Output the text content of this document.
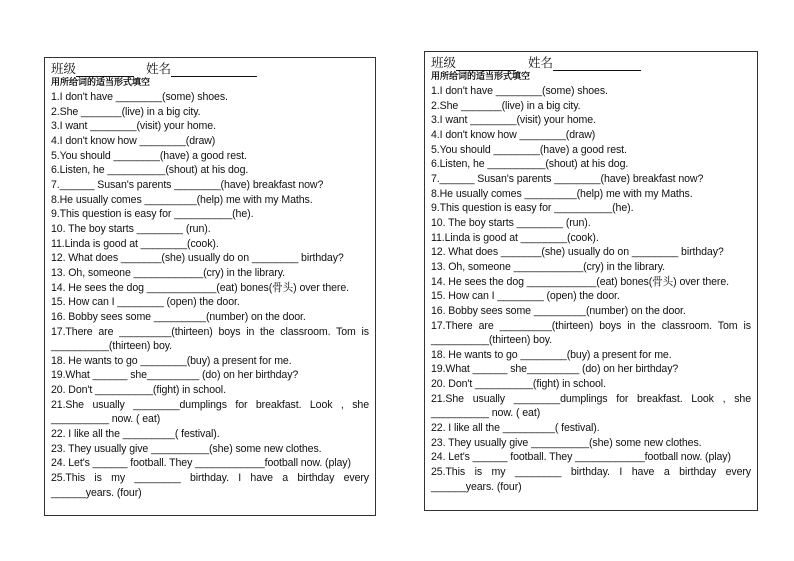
班级	姓名
用所给词的适当形式填空
1.I don't have ________(some) shoes.
2.She _______(live) in a big city.
3.I want ________(visit) your home.
4.I don't know how ________(draw)
5.You should ________(have) a good rest.
6.Listen, he __________(shout) at his dog.
7.______ Susan's parents ________(have) breakfast now?
8.He usually comes _________(help) me with my Maths.
9.This question is easy for __________(he).
10. The boy starts ________ (run).
11.Linda is good at ________(cook).
12. What does _______(she) usually do on ________ birthday?
13. Oh, someone ____________(cry) in the library.
14. He sees the dog ____________(eat) bones(骨头) over there.
15. How can I ________ (open) the door.
16. Bobby sees some _________(number) on the door.
17.There are _________(thirteen) boys in the classroom. Tom is __________(thirteen) boy.
18. He wants to go ________(buy) a present for me.
19.What ______ she_________ (do) on her birthday?
20. Don't __________(fight) in school.
21.She usually ________dumplings for breakfast. Look , she __________ now. ( eat)
22. I like all the _________( festival).
23. They usually give __________(she) some new clothes.
24. Let's ______ football. They ____________football now. (play)
25.This is my ________ birthday. I have a birthday every ______years. (four)
班级	姓名
用所给词的适当形式填空
1.I don't have ________(some) shoes.
2.She _______(live) in a big city.
3.I want ________(visit) your home.
4.I don't know how ________(draw)
5.You should ________(have) a good rest.
6.Listen, he __________(shout) at his dog.
7.______ Susan's parents ________(have) breakfast now?
8.He usually comes _________(help) me with my Maths.
9.This question is easy for __________(he).
10. The boy starts ________ (run).
11.Linda is good at ________(cook).
12. What does _______(she) usually do on ________ birthday?
13. Oh, someone ____________(cry) in the library.
14. He sees the dog ____________(eat) bones(骨头) over there.
15. How can I ________ (open) the door.
16. Bobby sees some _________(number) on the door.
17.There are _________(thirteen) boys in the classroom. Tom is __________(thirteen) boy.
18. He wants to go ________(buy) a present for me.
19.What ______ she_________ (do) on her birthday?
20. Don't __________(fight) in school.
21.She usually ________dumplings for breakfast. Look , she __________ now. ( eat)
22. I like all the _________( festival).
23. They usually give __________(she) some new clothes.
24. Let's ______ football. They ____________football now. (play)
25.This is my ________ birthday. I have a birthday every ______years. (four)
